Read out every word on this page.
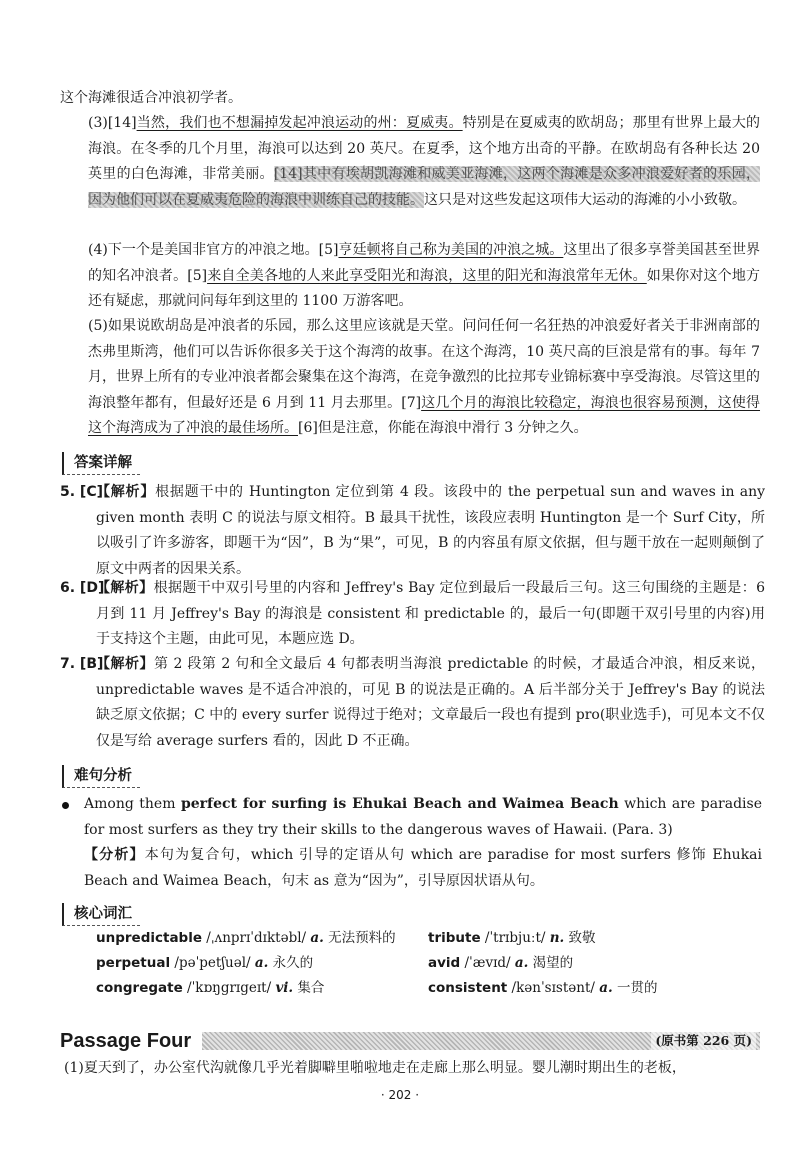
这个海滩很适合冲浪初学者。
(3)[14]当然，我们也不想漏掉发起冲浪运动的州：夏威夷。特别是在夏威夷的欧胡岛；那里有世界上最大的海浪。在冬季的几个月里，海浪可以达到 20 英尺。在夏季，这个地方出奇的平静。在欧胡岛有各种长达 20 英里的白色海滩，非常美丽。[14]其中有埃胡凯海滩和威美亚海滩，这两个海滩是众多冲浪爱好者的乐园，因为他们可以在夏威夷危险的海浪中训练自己的技能。这只是对这些发起这项伟大运动的海滩的小小致敬。
(4)下一个是美国非官方的冲浪之地。[5]亨廷顿将自己称为美国的冲浪之城。这里出了很多享誉美国甚至世界的知名冲浪者。[5]来自全美各地的人来此享受阳光和海浪，这里的阳光和海浪常年无休。如果你对这个地方还有疑虑，那就问问每年到这里的 1100 万游客吧。
(5)如果说欧胡岛是冲浪者的乐园，那么这里应该就是天堂。问问任何一名狂热的冲浪爱好者关于非洲南部的杰弗里斯湾，他们可以告诉你很多关于这个海湾的故事。在这个海湾，10 英尺高的巨浪是常有的事。每年 7 月，世界上所有的专业冲浪者都会聚集在这个海湾，在竞争激烈的比拉邦专业锦标赛中享受海浪。尽管这里的海浪整年都有，但最好还是 6 月到 11 月去那里。[7]这几个月的海浪比较稳定，海浪也很容易预测，这使得这个海湾成为了冲浪的最佳场所。[6]但是注意，你能在海浪中滑行 3 分钟之久。
答案详解
5. [C]
【解析】根据题干中的 Huntington 定位到第 4 段。该段中的 the perpetual sun and waves in any given month 表明 C 的说法与原文相符。B 最具干扰性，该段应表明 Huntington 是一个 Surf City，所以吸引了许多游客，即题干为“因”，B 为“果”，可见，B 的内容虽有原文依据，但与题干放在一起则颠倒了原文中两者的因果关系。
6. [D]
【解析】根据题干中双引号里的内容和 Jeffrey's Bay 定位到最后一段最后三句。这三句围绕的主题是：6 月到 11 月 Jeffrey's Bay 的海浪是 consistent 和 predictable 的，最后一句(即题干双引号里的内容)用于支持这个主题，由此可见，本题应选 D。
7. [B]
【解析】第 2 段第 2 句和全文最后 4 句都表明当海浪 predictable 的时候，才最适合冲浪，相反来说，unpredictable waves 是不适合冲浪的，可见 B 的说法是正确的。A 后半部分关于 Jeffrey's Bay 的说法缺乏原文依据；C 中的 every surfer 说得过于绝对；文章最后一段也有提到 pro(职业选手)，可见本文不仅仅是写给 average surfers 看的，因此 D 不正确。
难句分析
Among them perfect for surfing is Ehukai Beach and Waimea Beach which are paradise for most surfers as they try their skills to the dangerous waves of Hawaii. (Para. 3)
【分析】本句为复合句，which 引导的定语从句 which are paradise for most surfers 修饰 Ehukai Beach and Waimea Beach，句末 as 意为“因为”，引导原因状语从句。
核心词汇
unpredictable /ˌʌnprɪˈdɪktəbl/ a. 无法预料的
perpetual /pəˈpetʃuəl/ a. 永久的
congregate /ˈkɒŋgrɪgeɪt/ vi. 集合
tribute /ˈtrɪbjuːt/ n. 致敬
avid /ˈævɪd/ a. 渴望的
consistent /kənˈsɪstənt/ a. 一贯的
Passage Four	(原书第 226 页)
(1)夏天到了，办公室代沟就像几乎光着脚噼里啪啦地走在走廊上那么明显。婴儿潮时期出生的老板，
· 202 ·
